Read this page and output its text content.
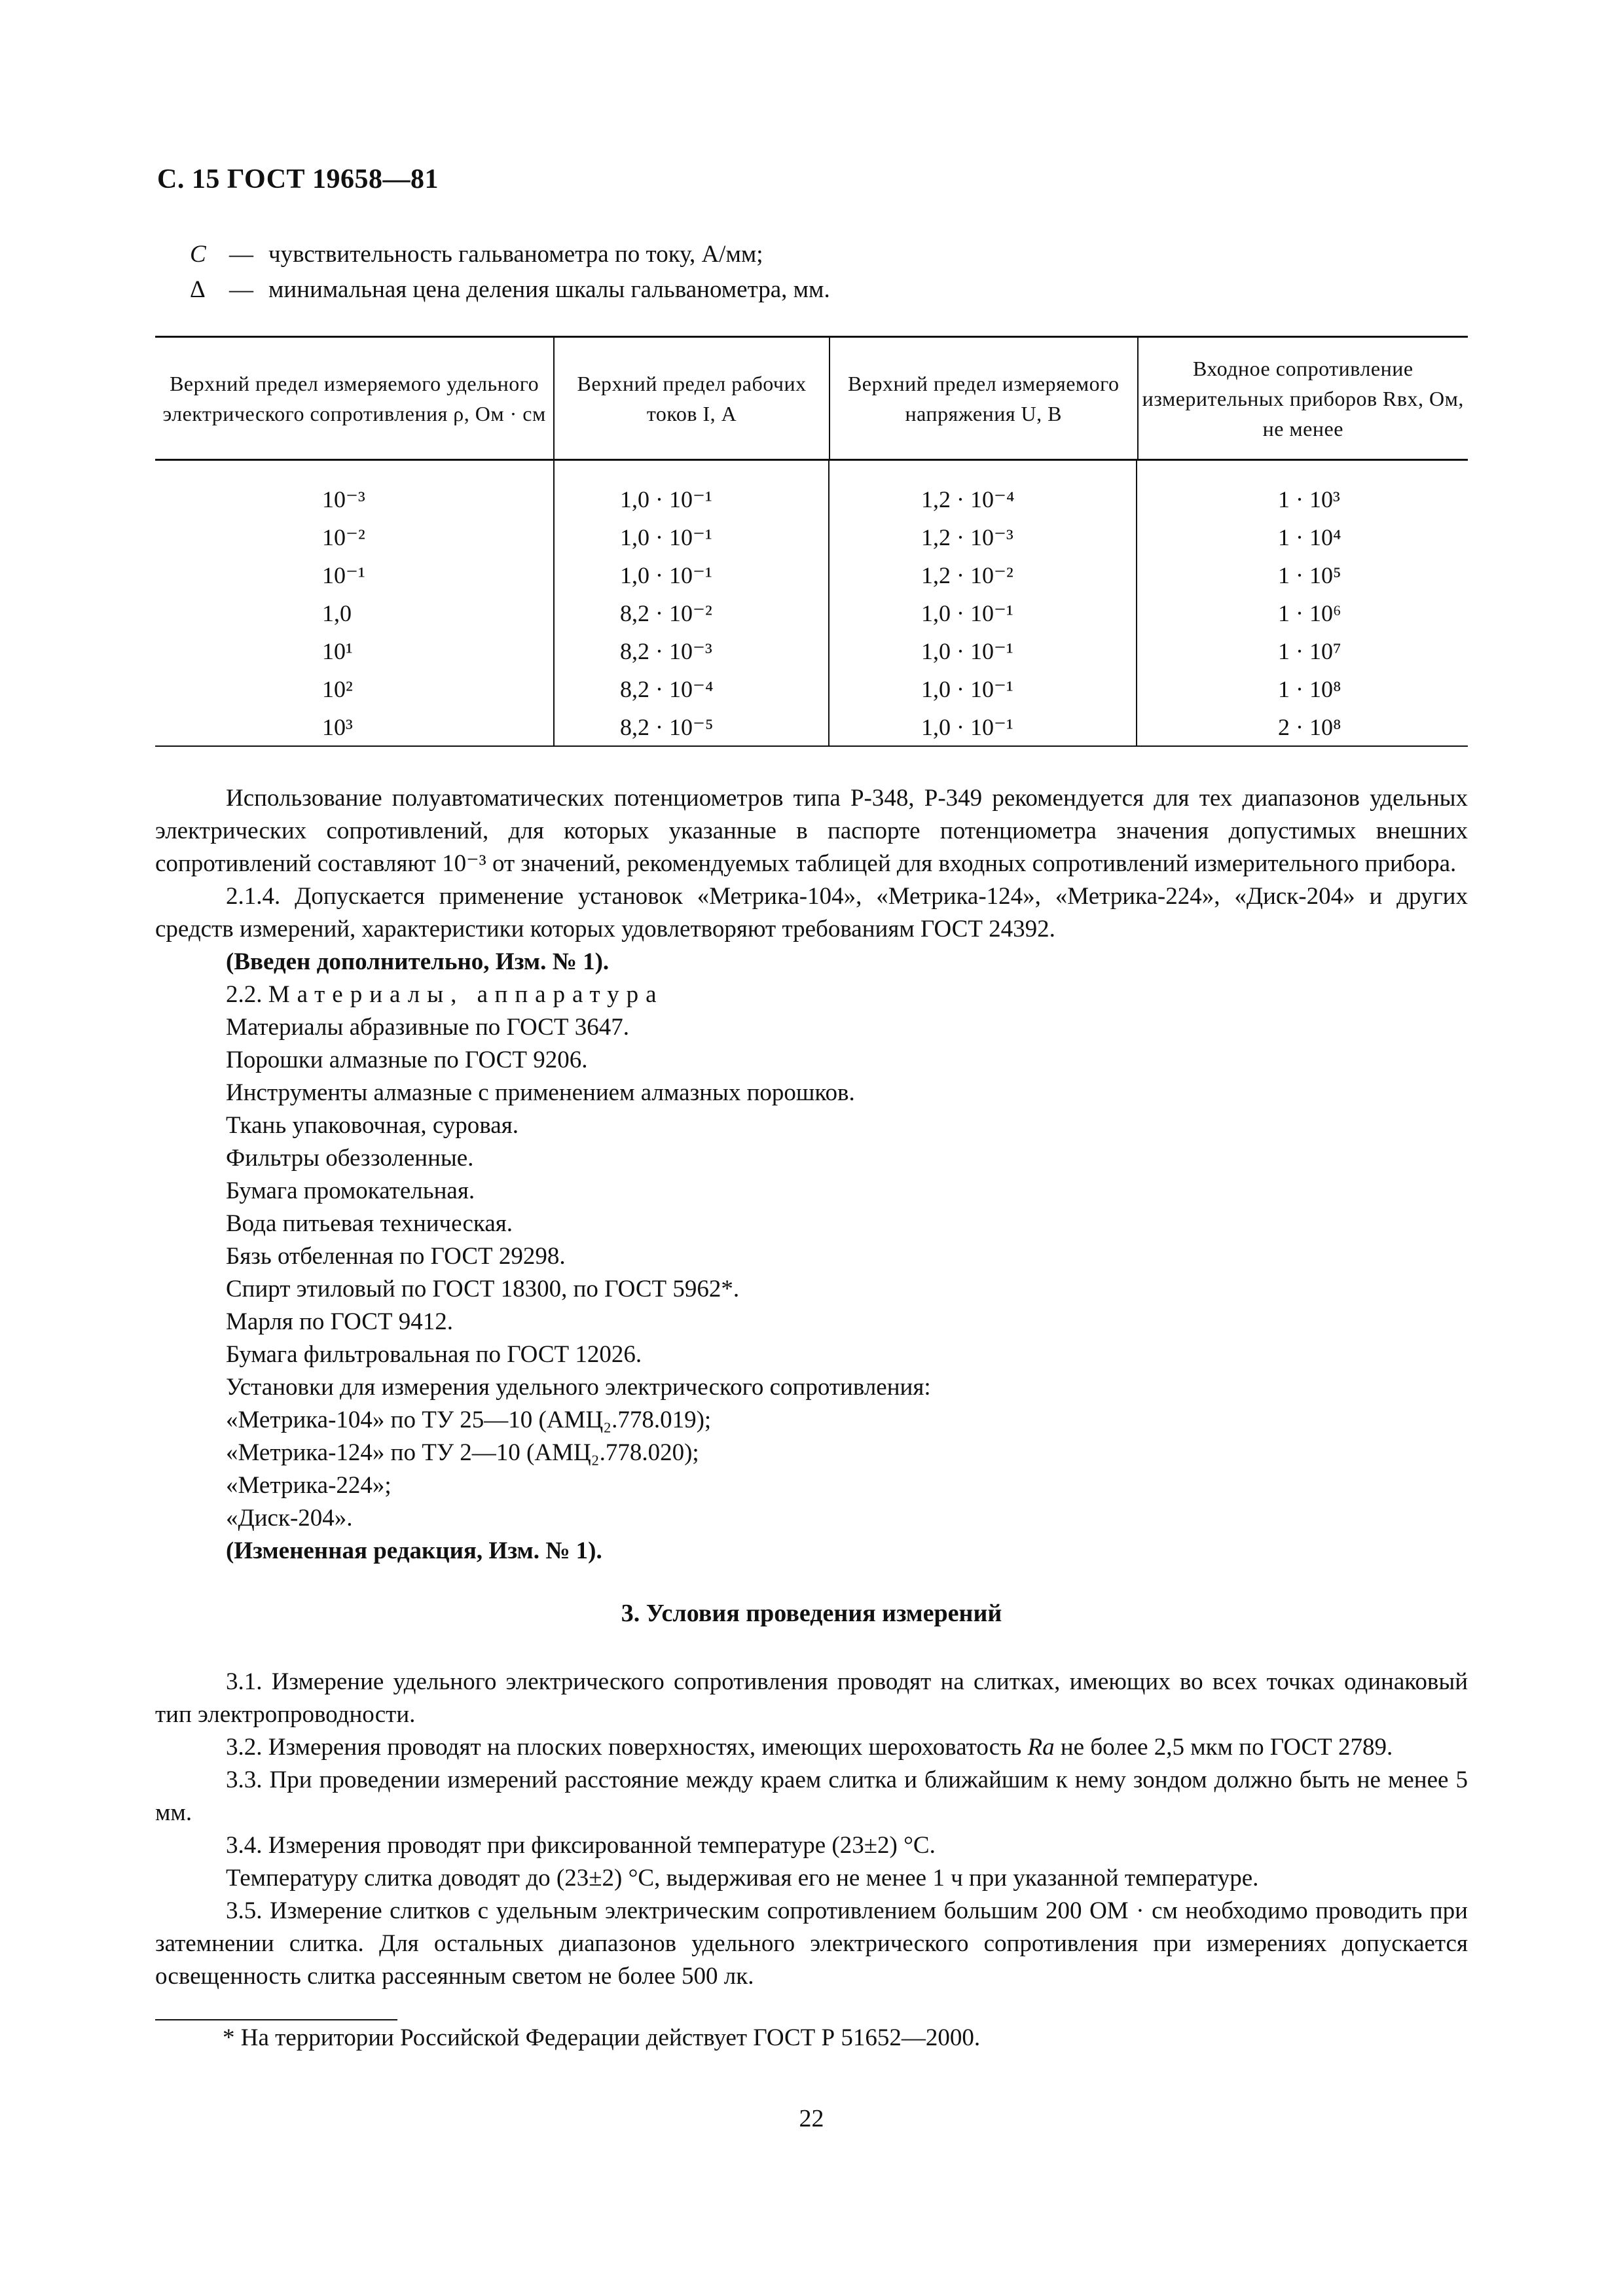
С. 15 ГОСТ 19658—81
C — чувствительность гальванометра по току, А/мм;
Δ — минимальная цена деления шкалы гальванометра, мм.
Верхний предел измеряемого удельного электрического сопротивления ρ, Ом · см
Верхний предел рабочих токов I, А
Верхний предел измеряемого напряжения U, В
Входное сопротивление измерительных приборов Rвх, Ом, не менее
10⁻³
10⁻²
10⁻¹
1,0
10¹
10²
10³
1,0 · 10⁻¹
1,0 · 10⁻¹
1,0 · 10⁻¹
8,2 · 10⁻²
8,2 · 10⁻³
8,2 · 10⁻⁴
8,2 · 10⁻⁵
1,2 · 10⁻⁴
1,2 · 10⁻³
1,2 · 10⁻²
1,0 · 10⁻¹
1,0 · 10⁻¹
1,0 · 10⁻¹
1,0 · 10⁻¹
1 · 10³
1 · 10⁴
1 · 10⁵
1 · 10⁶
1 · 10⁷
1 · 10⁸
2 · 10⁸

Использование полуавтоматических потенциометров типа Р-348, Р-349 рекомендуется для тех диапазонов удельных электрических сопротивлений, для которых указанные в паспорте потенциометра значения допустимых внешних сопротивлений составляют 10⁻³ от значений, рекомендуемых таблицей для входных сопротивлений измерительного прибора.

2.1.4. Допускается применение установок «Метрика-104», «Метрика-124», «Метрика-224», «Диск-204» и других средств измерений, характеристики которых удовлетворяют требованиям ГОСТ 24392.

(Введен дополнительно, Изм. № 1).

2.2. Материалы, аппаратура

Материалы абразивные по ГОСТ 3647.

Порошки алмазные по ГОСТ 9206.

Инструменты алмазные с применением алмазных порошков.

Ткань упаковочная, суровая.

Фильтры обеззоленные.

Бумага промокательная.

Вода питьевая техническая.

Бязь отбеленная по ГОСТ 29298.

Спирт этиловый по ГОСТ 18300, по ГОСТ 5962*.

Марля по ГОСТ 9412.

Бумага фильтровальная по ГОСТ 12026.

Установки для измерения удельного электрического сопротивления:

«Метрика-104» по ТУ 25—10 (АМЦ₂.778.019);

«Метрика-124» по ТУ 2—10 (АМЦ₂.778.020);

«Метрика-224»;

«Диск-204».

(Измененная редакция, Изм. № 1).

3. Условия проведения измерений

3.1. Измерение удельного электрического сопротивления проводят на слитках, имеющих во всех точках одинаковый тип электропроводности.

3.2. Измерения проводят на плоских поверхностях, имеющих шероховатость Ra не более 2,5 мкм по ГОСТ 2789.

3.3. При проведении измерений расстояние между краем слитка и ближайшим к нему зондом должно быть не менее 5 мм.

3.4. Измерения проводят при фиксированной температуре (23±2) °С.

Температуру слитка доводят до (23±2) °С, выдерживая его не менее 1 ч при указанной температуре.

3.5. Измерение слитков с удельным электрическим сопротивлением большим 200 ОМ · см необходимо проводить при затемнении слитка. Для остальных диапазонов удельного электрического сопротивления при измерениях допускается освещенность слитка рассеянным светом не более 500 лк.

* На территории Российской Федерации действует ГОСТ Р 51652—2000.
22
